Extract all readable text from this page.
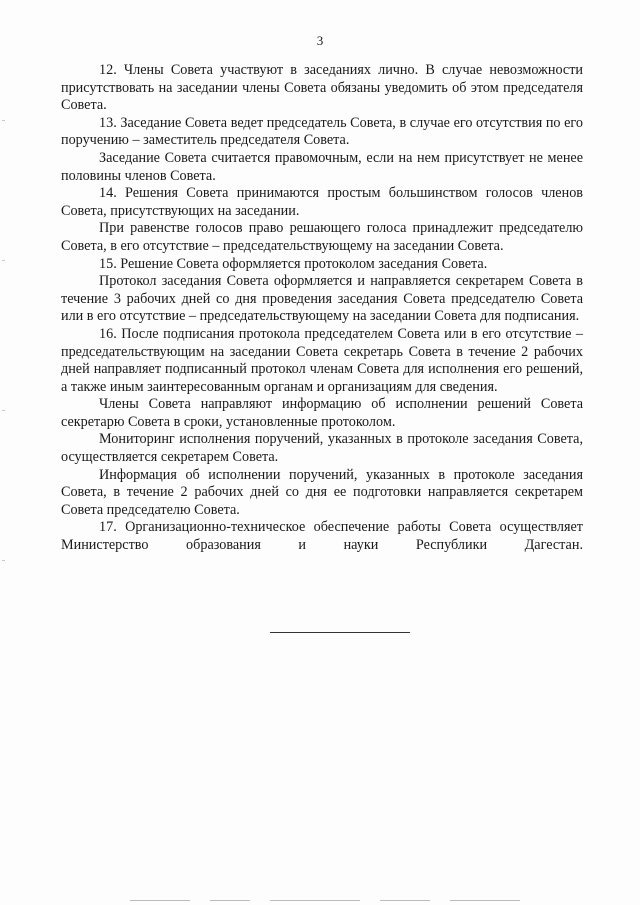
3

12. Члены Совета участвуют в заседаниях лично. В случае невозможности присутствовать на заседании члены Совета обязаны уведомить об этом председателя Совета.

13. Заседание Совета ведет председатель Совета, в случае его отсутствия по его поручению – заместитель председателя Совета.

Заседание Совета считается правомочным, если на нем присутствует не менее половины членов Совета.

14. Решения Совета принимаются простым большинством голосов членов Совета, присутствующих на заседании.

При равенстве голосов право решающего голоса принадлежит председателю Совета, в его отсутствие – председательствующему на заседании Совета.

15. Решение Совета оформляется протоколом заседания Совета.

Протокол заседания Совета оформляется и направляется секретарем Совета в течение 3 рабочих дней со дня проведения заседания Совета председателю Совета или в его отсутствие – председательствующему на заседании Совета для подписания.

16. После подписания протокола председателем Совета или в его отсутствие – председательствующим на заседании Совета секретарь Совета в течение 2 рабочих дней направляет подписанный протокол членам Совета для исполнения его решений, а также иным заинтересованным органам и организациям для сведения.

Члены Совета направляют информацию об исполнении решений Совета секретарю Совета в сроки, установленные протоколом.

Мониторинг исполнения поручений, указанных в протоколе заседания Совета, осуществляется секретарем Совета.

Информация об исполнении поручений, указанных в протоколе заседания Совета, в течение 2 рабочих дней со дня ее подготовки направляется секретарем Совета председателю Совета.

17. Организационно-техническое обеспечение работы Совета осуществляет Министерство образования и науки Республики Дагестан.
